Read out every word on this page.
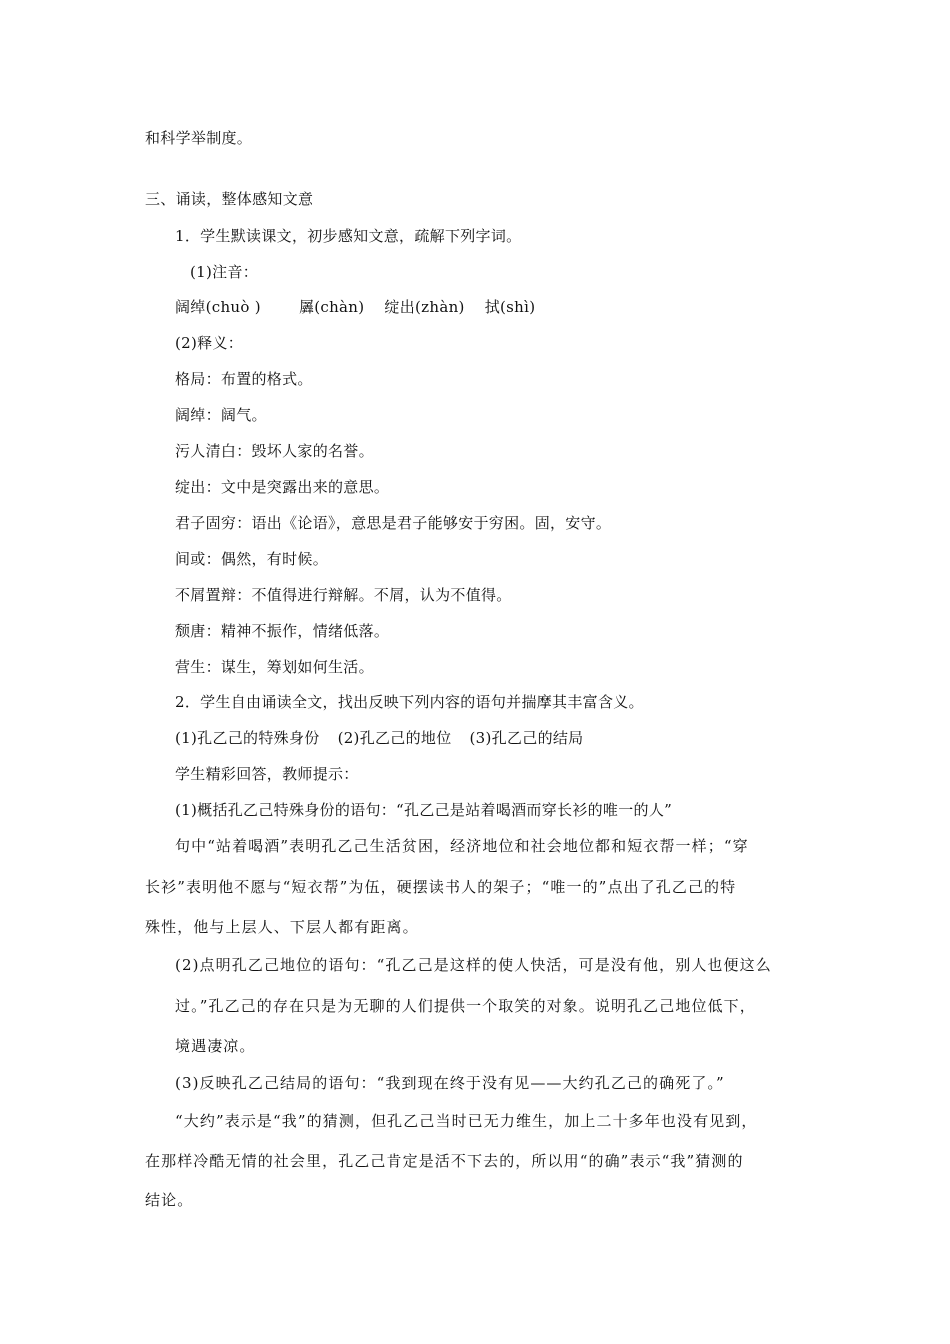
和科学举制度。
三、诵读，整体感知文意
1．学生默读课文，初步感知文意，疏解下列字词。
(1)注音：
阔绰(chuò )	羼(chàn) 绽出(zhàn) 拭(shì)
(2)释义：
格局：布置的格式。
阔绰：阔气。
污人清白：毁坏人家的名誉。
绽出：文中是突露出来的意思。
君子固穷：语出《论语》，意思是君子能够安于穷困。固，安守。
间或：偶然，有时候。
不屑置辩：不值得进行辩解。不屑，认为不值得。
颓唐：精神不振作，情绪低落。
营生：谋生，筹划如何生活。
2．学生自由诵读全文，找出反映下列内容的语句并揣摩其丰富含义。
(1)孔乙己的特殊身份 (2)孔乙己的地位 (3)孔乙己的结局
学生精彩回答，教师提示：
(1)概括孔乙己特殊身份的语句：“孔乙己是站着喝酒而穿长衫的唯一的人”
句中“站着喝酒”表明孔乙己生活贫困，经济地位和社会地位都和短衣帮一样；“穿
长衫”表明他不愿与“短衣帮”为伍，硬摆读书人的架子；“唯一的”点出了孔乙己的特
殊性，他与上层人、下层人都有距离。
(2)点明孔乙己地位的语句：“孔乙己是这样的使人快活，可是没有他，别人也便这么
过。”孔乙己的存在只是为无聊的人们提供一个取笑的对象。说明孔乙己地位低下，
境遇凄凉。
(3)反映孔乙己结局的语句：“我到现在终于没有见——大约孔乙己的确死了。”
“大约”表示是“我”的猜测，但孔乙己当时已无力维生，加上二十多年也没有见到，
在那样冷酷无情的社会里，孔乙己肯定是活不下去的，所以用“的确”表示“我”猜测的
结论。
